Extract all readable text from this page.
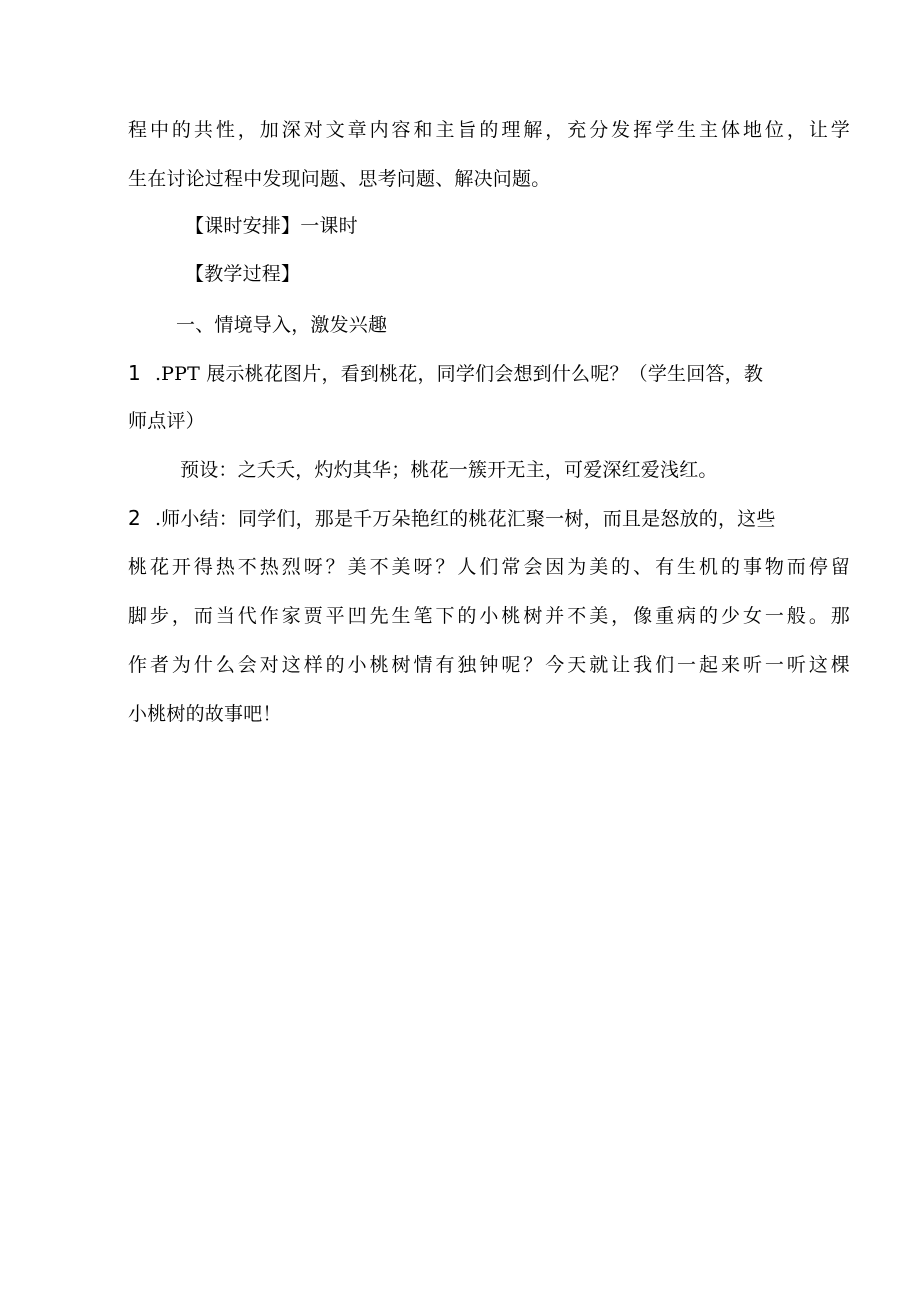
程中的共性，加深对文章内容和主旨的理解，充分发挥学生主体地位，让学
生在讨论过程中发现问题、思考问题、解决问题。
【课时安排】一课时
【教学过程】
一、情境导入，激发兴趣
1 .PPT 展示桃花图片，看到桃花，同学们会想到什么呢？（学生回答，教
师点评）
预设：之夭夭，灼灼其华；桃花一簇开无主，可爱深红爱浅红。
2 .师小结：同学们，那是千万朵艳红的桃花汇聚一树，而且是怒放的，这些
桃花开得热不热烈呀？美不美呀？人们常会因为美的、有生机的事物而停留
脚步，而当代作家贾平凹先生笔下的小桃树并不美，像重病的少女一般。那
作者为什么会对这样的小桃树情有独钟呢？今天就让我们一起来听一听这棵
小桃树的故事吧！
